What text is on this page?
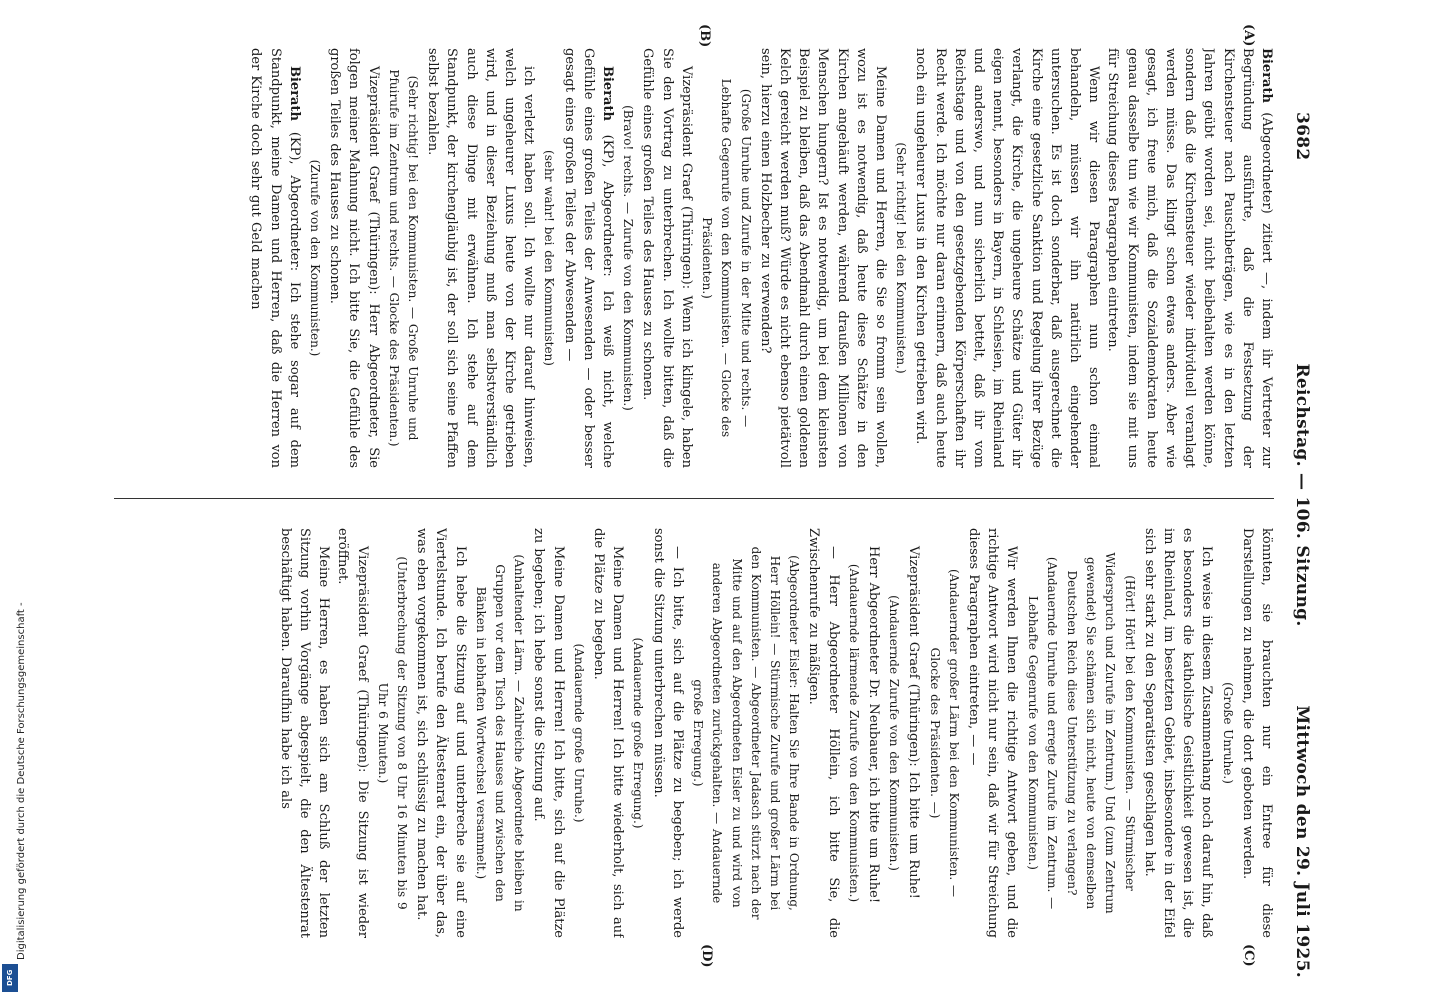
Digitalisierung gefördert durch die Deutsche Forschungsgemeinschaft -
DFG
3682
Reichstag. — 106. Sitzung.
Mittwoch den 29. Juli 1925.
(A)
(B)
(C)
(D)

Bierath (Abgeordneter) zitiert —, indem ihr Vertreter zur Begründung ausführte, daß die Festsetzung der Kirchensteuer nach Pauschbeträgen, wie es in den letzten Jahren geübt worden sei, nicht beibehalten werden könne, sondern daß die Kirchensteuer wieder individuell veranlagt werden müsse. Das klingt schon etwas anders. Aber wie gesagt, ich freue mich, daß die Sozialdemokraten heute genau dasselbe tun wie wir Kommunisten, indem sie mit uns für Streichung dieses Paragraphen eintreten.

Wenn wir diesen Paragraphen nun schon einmal behandeln, müssen wir ihn natürlich eingehender untersuchen. Es ist doch sonderbar, daß ausgerechnet die Kirche eine gesetzliche Sanktion und Regelung ihrer Bezüge verlangt, die Kirche, die ungeheure Schätze und Güter ihr eigen nennt, besonders in Bayern, in Schlesien, im Rheinland und anderswo, und nun sicherlich bettelt, daß ihr vom Reichstage und von den gesetzgebenden Körperschaften ihr Recht werde. Ich möchte nur daran erinnern, daß auch heute noch ein ungeheurer Luxus in den Kirchen getrieben wird.

(Sehr richtig! bei den Kommunisten.)

Meine Damen und Herren, die Sie so fromm sein wollen, wozu ist es notwendig, daß heute diese Schätze in den Kirchen angehäuft werden, während draußen Millionen von Menschen hungern? Ist es notwendig, um bei dem kleinsten Beispiel zu bleiben, daß das Abendmahl durch einen goldenen Kelch gereicht werden muß? Würde es nicht ebenso pietätvoll sein, hierzu einen Holzbecher zu verwenden?

(Große Unruhe und Zurufe in der Mitte und rechts. — Lebhafte Gegenrufe von den Kommunisten. — Glocke des Präsidenten.)

Vizepräsident Graef (Thüringen): Wenn ich klingele, haben Sie den Vortrag zu unterbrechen. Ich wollte bitten, daß die Gefühle eines großen Teiles des Hauses zu schonen.

(Bravo! rechts. — Zurufe von den Kommunisten.)

Bierath (KP), Abgeordneter: Ich weiß nicht, welche Gefühle eines großen Teiles der Anwesenden — oder besser gesagt eines großen Teiles der Abwesenden —

(sehr wahr! bei den Kommunisten)

ich verletzt haben soll. Ich wollte nur darauf hinweisen, welch ungeheurer Luxus heute von der Kirche getrieben wird, und in dieser Beziehung muß man selbstverständlich auch diese Dinge mit erwähnen. Ich stehe auf dem Standpunkt, der kirchengläubig ist, der soll sich seine Pfaffen selbst bezahlen.

(Sehr richtig! bei den Kommunisten. — Große Unruhe und Pfuirufe im Zentrum und rechts. — Glocke des Präsidenten.)

Vizepräsident Graef (Thüringen): Herr Abgeordneter, Sie folgen meiner Mahnung nicht. Ich bitte Sie, die Gefühle des großen Teiles des Hauses zu schonen.

(Zurufe von den Kommunisten.)

Bierath (KP), Abgeordneter: Ich stehe sogar auf dem Standpunkt, meine Damen und Herren, daß die Herren von der Kirche doch sehr gut Geld machen

könnten, sie brauchten nur ein Entree für diese Darstellungen zu nehmen, die dort geboten werden.

(Große Unruhe.)

Ich weise in diesem Zusammenhang noch darauf hin, daß es besonders die katholische Geistlichkeit gewesen ist, die im Rheinland, im besetzten Gebiet, insbesondere in der Eifel sich sehr stark zu den Separatisten geschlagen hat.

(Hört! Hört! bei den Kommunisten. — Stürmischer Widerspruch und Zurufe im Zentrum.) Und (zum Zentrum gewendet) Sie schämen sich nicht, heute von demselben Deutschen Reich diese Unterstützung zu verlangen?

(Andauernde Unruhe und erregte Zurufe im Zentrum. — Lebhafte Gegenrufe von den Kommunisten.)

Wir werden Ihnen die richtige Antwort geben, und die richtige Antwort wird nicht nur sein, daß wir für Streichung dieses Paragraphen eintreten, — —

(Andauernder großer Lärm bei den Kommunisten. — Glocke des Präsidenten. —)

Vizepräsident Graef (Thüringen): Ich bitte um Ruhe!

(Andauernde Zurufe von den Kommunisten.)

Herr Abgeordneter Dr. Neubauer, ich bitte um Ruhe!

(Andauernde lärmende Zurufe von den Kommunisten.)

— Herr Abgeordneter Höllein, ich bitte Sie, die Zwischenrufe zu mäßigen.

(Abgeordneter Eisler: Halten Sie Ihre Bande in Ordnung, Herr Höllein! — Stürmische Zurufe und großer Lärm bei den Kommunisten. — Abgeordneter Jadasch stürzt nach der Mitte und auf den Abgeordneten Eisler zu und wird von anderen Abgeordneten zurückgehalten. — Andauernde große Erregung.)

— Ich bitte, sich auf die Plätze zu begeben; ich werde sonst die Sitzung unterbrechen müssen.

(Andauernde große Erregung.)

Meine Damen und Herren! Ich bitte wiederholt, sich auf die Plätze zu begeben.

(Andauernde große Unruhe.)

Meine Damen und Herren! Ich bitte, sich auf die Plätze zu begeben; ich hebe sonst die Sitzung auf.

(Anhaltender Lärm. — Zahlreiche Abgeordnete bleiben in Gruppen vor dem Tisch des Hauses und zwischen den Bänken in lebhaften Wortwechsel versammelt.)

Ich hebe die Sitzung auf und unterbreche sie auf eine Viertelstunde. Ich berufe den Ältestenrat ein, der über das, was eben vorgekommen ist, sich schlüssig zu machen hat.

(Unterbrechung der Sitzung von 8 Uhr 16 Minuten bis 9 Uhr 6 Minuten.)

Vizepräsident Graef (Thüringen): Die Sitzung ist wieder eröffnet.

Meine Herren, es haben sich am Schluß der letzten Sitzung vorhin Vorgänge abgespielt, die den Ältestenrat beschäftigt haben. Daraufhin habe ich als
